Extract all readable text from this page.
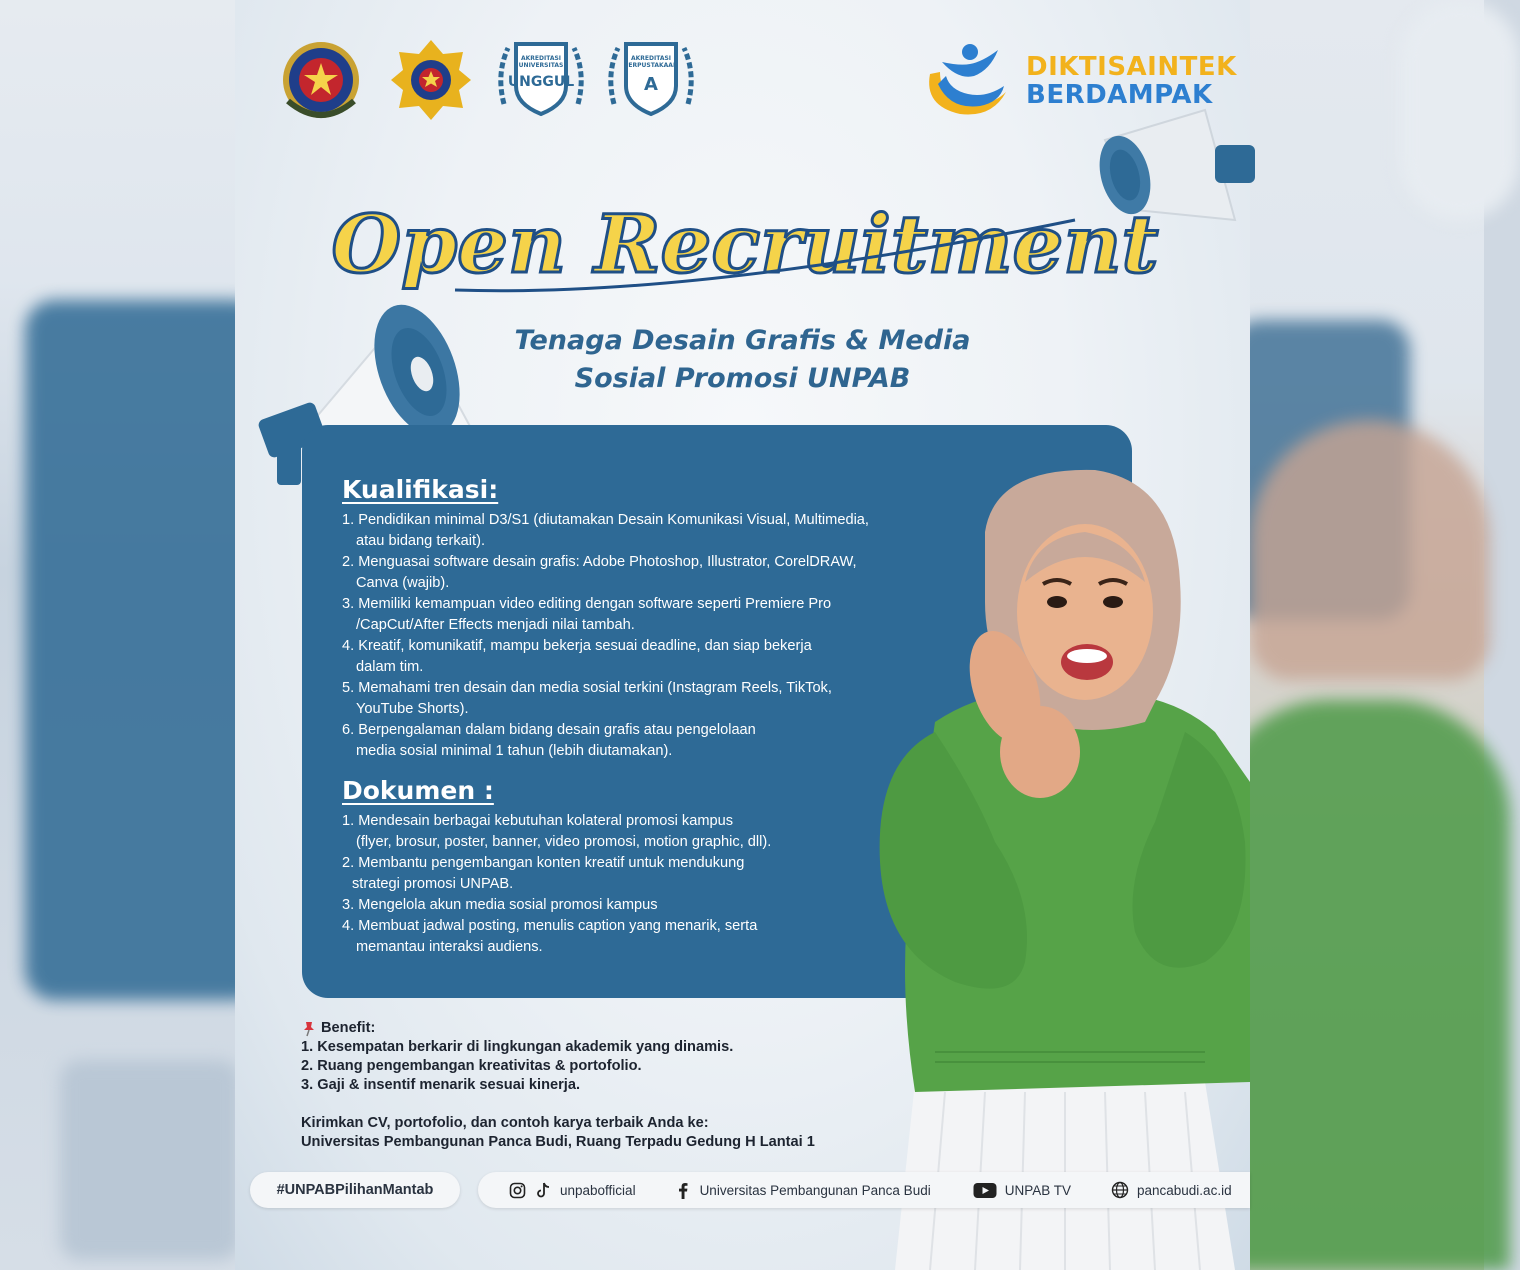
AKREDITASI
UNIVERSITAS
UNGGUL
AKREDITASI
PERPUSTAKAAN
A
DIKTISAINTEK
BERDAMPAK
Open Recruitment
Tenaga Desain Grafis & Media
Sosial Promosi UNPAB
Kualifikasi:
1. Pendidikan minimal D3/S1 (diutamakan Desain Komunikasi Visual, Multimedia,
atau bidang terkait).
2. Menguasai software desain grafis: Adobe Photoshop, Illustrator, CorelDRAW,
Canva (wajib).
3. Memiliki kemampuan video editing dengan software seperti Premiere Pro
/CapCut/After Effects menjadi nilai tambah.
4. Kreatif, komunikatif, mampu bekerja sesuai deadline, dan siap bekerja
dalam tim.
5. Memahami tren desain dan media sosial terkini (Instagram Reels, TikTok,
YouTube Shorts).
6. Berpengalaman dalam bidang desain grafis atau pengelolaan
media sosial minimal 1 tahun (lebih diutamakan).
Dokumen :
1. Mendesain berbagai kebutuhan kolateral promosi kampus
(flyer, brosur, poster, banner, video promosi, motion graphic, dll).
2. Membantu pengembangan konten kreatif untuk mendukung
strategi promosi UNPAB.
3. Mengelola akun media sosial promosi kampus
4. Membuat jadwal posting, menulis caption yang menarik, serta
memantau interaksi audiens.
Benefit:
1. Kesempatan berkarir di lingkungan akademik yang dinamis.
2. Ruang pengembangan kreativitas & portofolio.
3. Gaji & insentif menarik sesuai kinerja.
Kirimkan CV, portofolio, dan contoh karya terbaik Anda ke:
Universitas Pembangunan Panca Budi, Ruang Terpadu Gedung H Lantai 1
#UNPABPilihanMantab	unpabofficial	Universitas Pembangunan Panca Budi	UNPAB TV	pancabudi.ac.id
